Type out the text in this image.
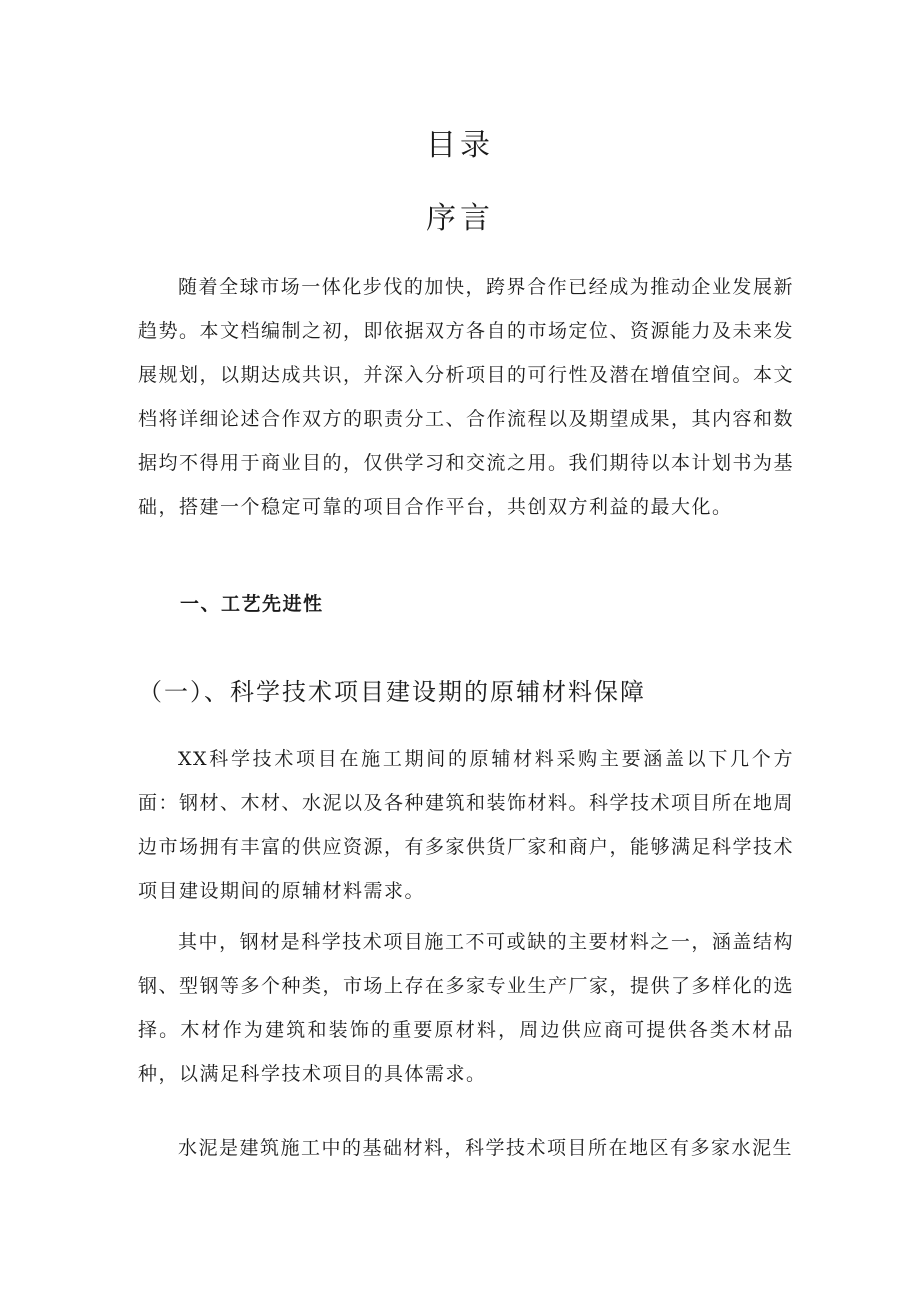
目录
序言

随着全球市场一体化步伐的加快，跨界合作已经成为推动企业发展新趋势。本文档编制之初，即依据双方各自的市场定位、资源能力及未来发展规划，以期达成共识，并深入分析项目的可行性及潜在增值空间。本文档将详细论述合作双方的职责分工、合作流程以及期望成果，其内容和数据均不得用于商业目的，仅供学习和交流之用。我们期待以本计划书为基础，搭建一个稳定可靠的项目合作平台，共创双方利益的最大化。

一、工艺先进性
（一）、科学技术项目建设期的原辅材料保障

XX科学技术项目在施工期间的原辅材料采购主要涵盖以下几个方面：钢材、木材、水泥以及各种建筑和装饰材料。科学技术项目所在地周边市场拥有丰富的供应资源，有多家供货厂家和商户，能够满足科学技术项目建设期间的原辅材料需求。

其中，钢材是科学技术项目施工不可或缺的主要材料之一，涵盖结构钢、型钢等多个种类，市场上存在多家专业生产厂家，提供了多样化的选择。木材作为建筑和装饰的重要原材料，周边供应商可提供各类木材品种，以满足科学技术项目的具体需求。

水泥是建筑施工中的基础材料，科学技术项目所在地区有多家水泥生
